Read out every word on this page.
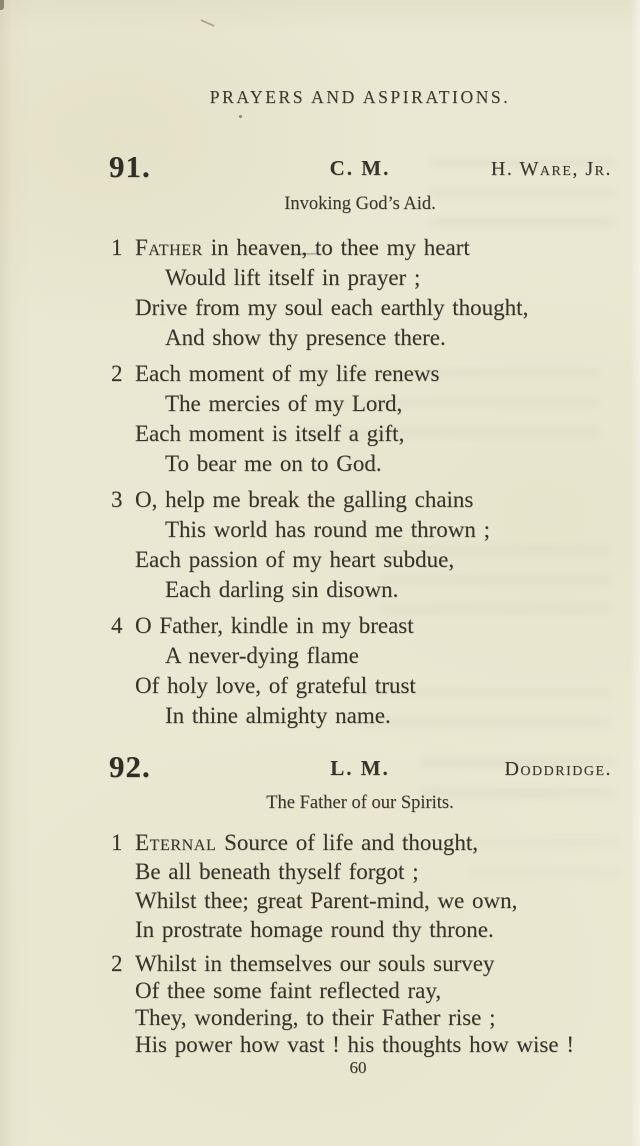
PRAYERS AND ASPIRATIONS.
91.	C. M.	H. Ware, Jr.
Invoking God’s Aid.
1 Father in heaven, to thee my heart
Would lift itself in prayer ;
Drive from my soul each earthly thought,
And show thy presence there.
2 Each moment of my life renews
The mercies of my Lord,
Each moment is itself a gift,
To bear me on to God.
3 O, help me break the galling chains
This world has round me thrown ;
Each passion of my heart subdue,
Each darling sin disown.
4 O Father, kindle in my breast
A never-dying flame
Of holy love, of grateful trust
In thine almighty name.
92.	L. M.	Doddridge.
The Father of our Spirits.
1 Eternal Source of life and thought,
Be all beneath thyself forgot ;
Whilst thee; great Parent-mind, we own,
In prostrate homage round thy throne.
2 Whilst in themselves our souls survey
Of thee some faint reflected ray,
They, wondering, to their Father rise ;
His power how vast ! his thoughts how wise !
60
